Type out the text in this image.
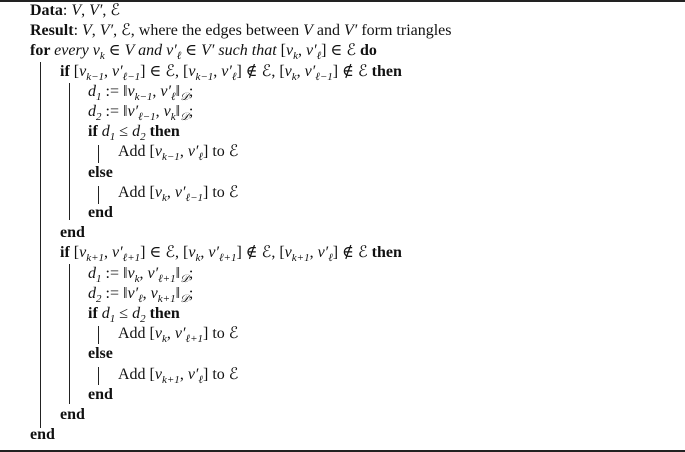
Data: V, V′, ℰ
Result: V, V′, ℰ, where the edges between V and V′ form triangles
for every $v_k$ ∈ V and $v'_\ell$ ∈ V′ such that [$v_k$, $v'_\ell$] ∈ ℰ do
if [$v_{k-1}$, $v'_{\ell-1}$] ∈ ℰ, [$v_{k-1}$, $v'_\ell$] ∉ ℰ, [$v_k$, $v'_{\ell-1}$] ∉ ℰ then
$d_1$ := $‖v_{k-1}$, $v'_\ell‖_𝒟$;
$d_2$ := $‖v'_{\ell-1}$, $v_k‖_𝒟$;
if $d_1 \le d_2$ then
Add [$v_{k-1}$, $v'_\ell$] to ℰ
else
Add [$v_k$, $v'_{\ell-1}$] to ℰ
end
end
if [$v_{k+1}$, $v'_{\ell+1}$] ∈ ℰ, [$v_k$, $v'_{\ell+1}$] ∉ ℰ, [$v_{k+1}$, $v'_\ell$] ∉ ℰ then
$d_1$ := $‖v_k$, $v'_{\ell+1}‖_𝒟$;
$d_2$ := $‖v'_\ell$, $v_{k+1}‖_𝒟$;
if $d_1 \le d_2$ then
Add [$v_k$, $v'_{\ell+1}$] to ℰ
else
Add [$v_{k+1}$, $v'_\ell$] to ℰ
end
end
end
